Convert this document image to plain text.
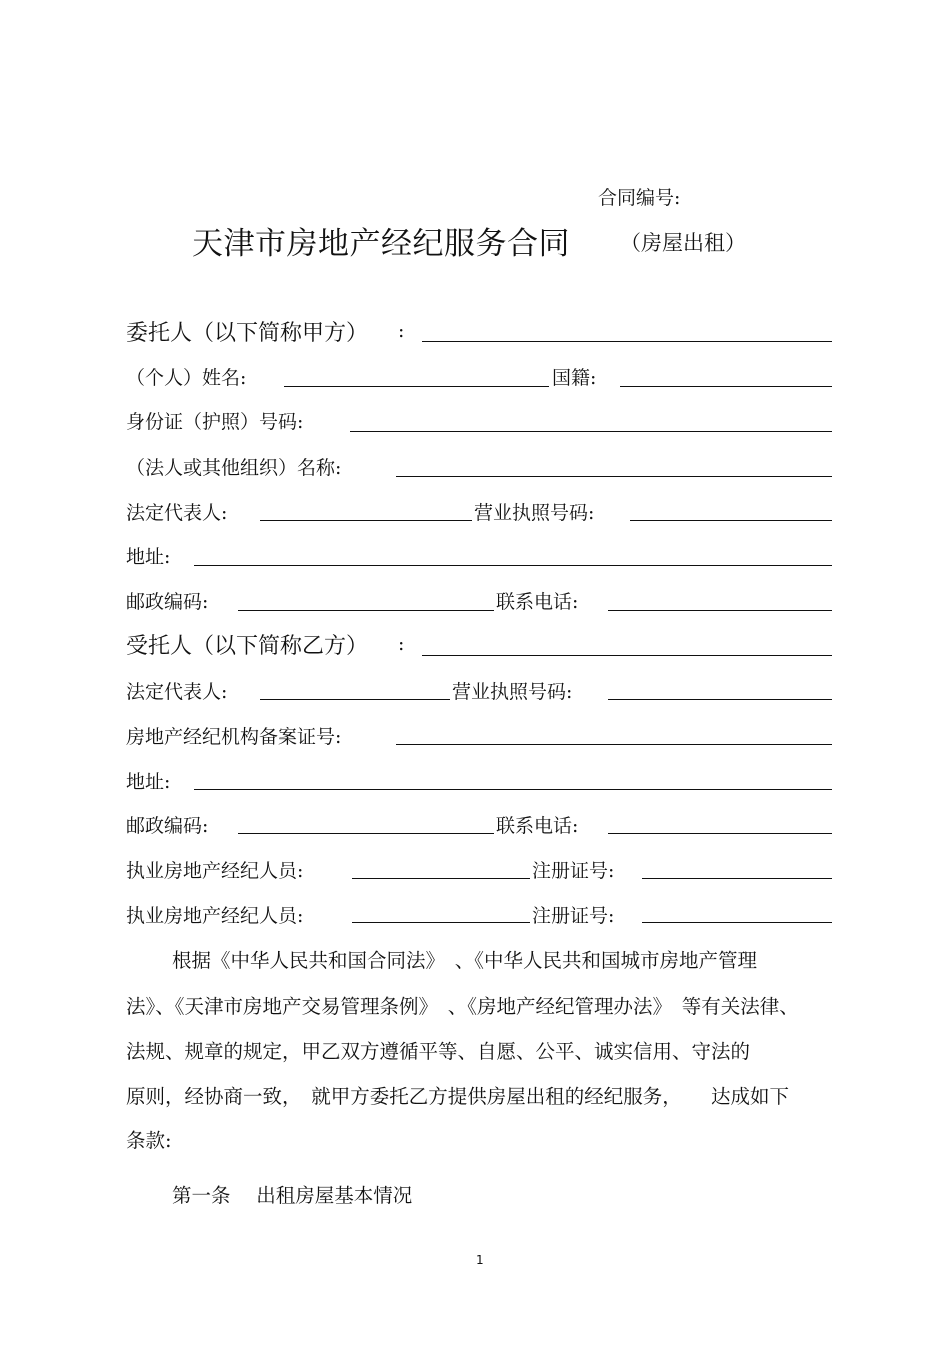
合同编号:
天津市房地产经纪服务合同 （房屋出租）
委托人（以下简称甲方） :
（个人）姓名:	国籍:
身份证（护照）号码:
（法人或其他组织）名称:
法定代表人:	营业执照号码:
地址:
邮政编码:	联系电话:
受托人（以下简称乙方） :
法定代表人:	营业执照号码:
房地产经纪机构备案证号:
地址:
邮政编码:	联系电话:
执业房地产经纪人员:	注册证号:
执业房地产经纪人员:	注册证号:
根据《中华人民共和国合同法》　、《中华人民共和国城市房地产管理
法》、《天津市房地产交易管理条例》　、《房地产经纪管理办法》　等有关法律、
法规、规章的规定，甲乙双方遵循平等、自愿、公平、诚实信用、守法的
原则，经协商一致，　就甲方委托乙方提供房屋出租的经纪服务，　　达成如下
条款:
第一条　 出租房屋基本情况
1
